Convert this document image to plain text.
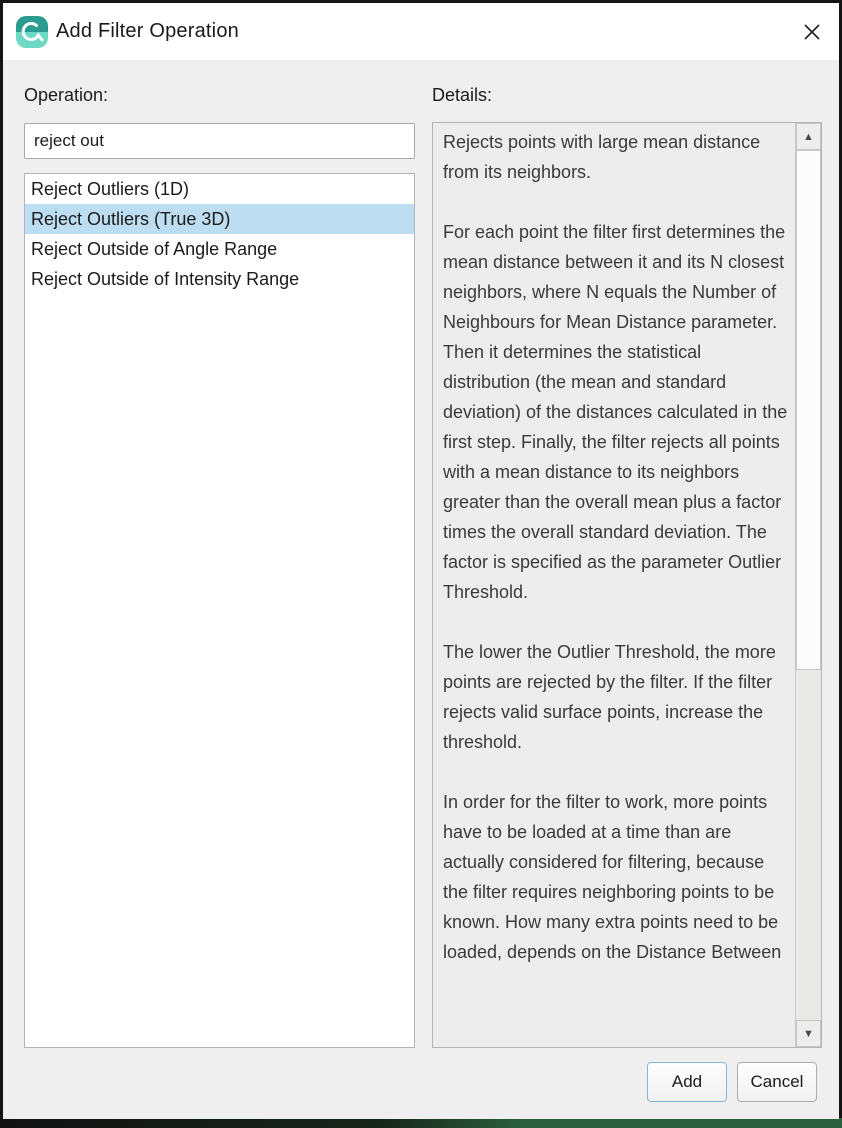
Add Filter Operation
Operation:
reject out
Reject Outliers (1D)
Reject Outliers (True 3D)
Reject Outside of Angle Range
Reject Outside of Intensity Range
Details:

Rejects points with large mean distance from its neighbors.

For each point the filter first determines the mean distance between it and its N closest neighbors, where N equals the Number of Neighbours for Mean Distance parameter. Then it determines the statistical distribution (the mean and standard deviation) of the distances calculated in the first step. Finally, the filter rejects all points with a mean distance to its neighbors greater than the overall mean plus a factor times the overall standard deviation. The factor is specified as the parameter Outlier Threshold.

The lower the Outlier Threshold, the more points are rejected by the filter. If the filter rejects valid surface points, increase the threshold.

In order for the filter to work, more points have to be loaded at a time than are actually considered for filtering, because the filter requires neighboring points to be known. How many extra points need to be loaded, depends on the Distance Between

▲
▼
Add	Cancel
